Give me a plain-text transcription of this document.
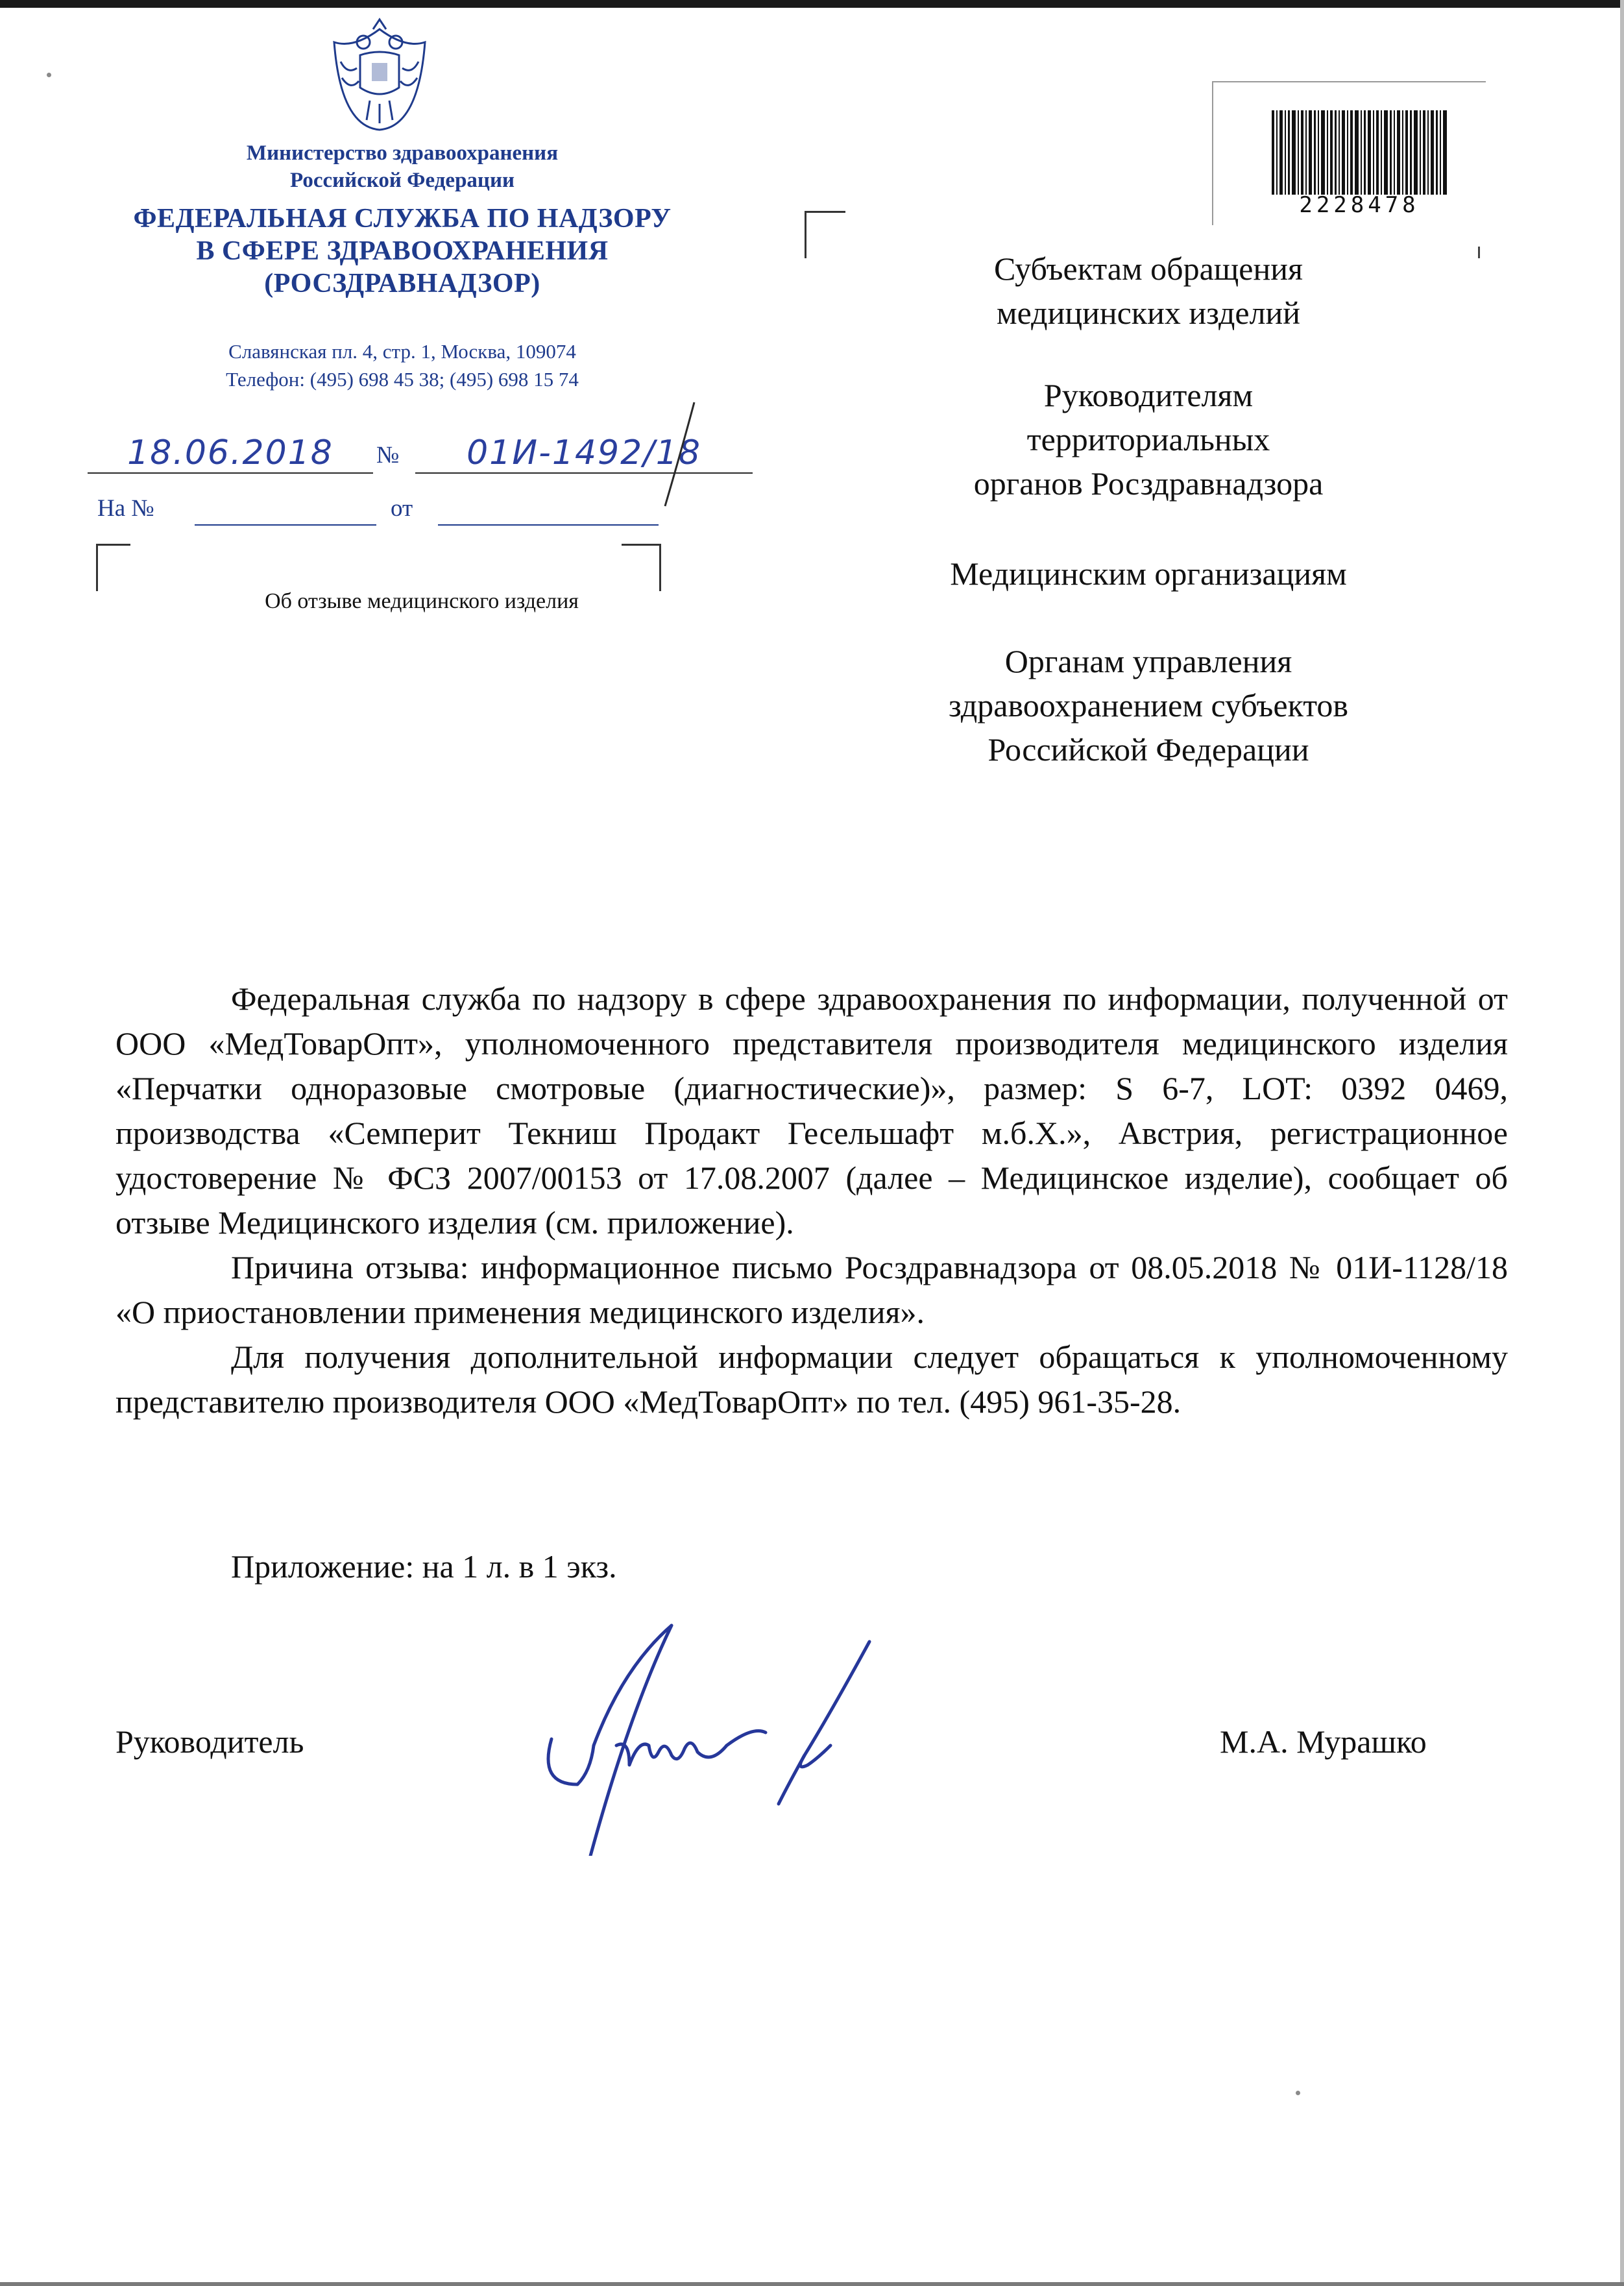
Министерство здравоохранения
Российской Федерации
ФЕДЕРАЛЬНАЯ СЛУЖБА ПО НАДЗОРУ
В СФЕРЕ ЗДРАВООХРАНЕНИЯ
(РОСЗДРАВНАДЗОР)
Славянская пл. 4, стр. 1, Москва, 109074
Телефон: (495) 698 45 38; (495) 698 15 74
18.06.2018	№	01И-1492/18
На №	от
Об отзыве медицинского изделия
2228478
Субъектам обращения
медицинских изделий
Руководителям
территориальных
органов Росздравнадзора
Медицинским организациям
Органам управления
здравоохранением субъектов
Российской Федерации

Федеральная служба по надзору в сфере здравоохранения по информации, полученной от ООО «МедТоварОпт», уполномоченного представителя производителя медицинского изделия «Перчатки одноразовые смотровые (диагностические)», размер: S 6-7, LOT: 0392 0469, производства «Семперит Текниш Продакт Гесельшафт м.б.Х.», Австрия, регистрационное удостоверение № ФСЗ 2007/00153 от 17.08.2007 (далее – Медицинское изделие), сообщает об отзыве Медицинского изделия (см. приложение).

Причина отзыва: информационное письмо Росздравнадзора от 08.05.2018 № 01И-1128/18 «О приостановлении применения медицинского изделия».

Для получения дополнительной информации следует обращаться к уполномоченному представителю производителя ООО «МедТоварОпт» по тел. (495) 961-35-28.

Приложение: на 1 л. в 1 экз.
Руководитель	М.А. Мурашко
